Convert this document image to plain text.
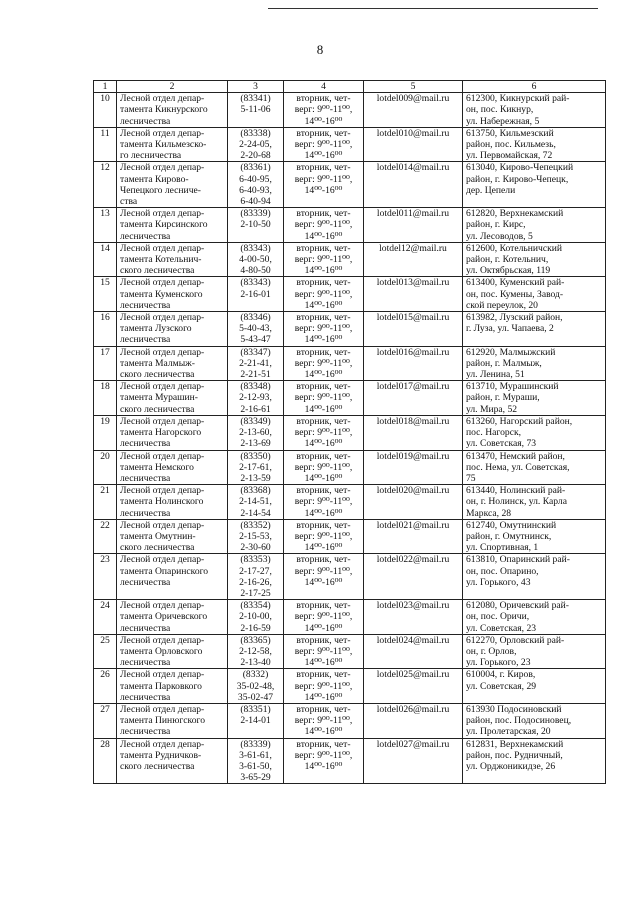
8
1	2	3	4	5	6
10	Лесной отдел депар-
тамента Кикнурского
лесничества	(83341)
5-11-06	вторник, чет-
верг: 9⁰⁰-11⁰⁰,
14⁰⁰-16⁰⁰	lotdel009@mail.ru	612300, Кикнурский рай-
он, пос. Кикнур,
ул. Набережная, 5

11	Лесной отдел депар-
тамента Кильмезско-
го лесничества	(83338)
2-24-05,
2-20-68	вторник, чет-
верг: 9⁰⁰-11⁰⁰,
14⁰⁰-16⁰⁰	lotdel010@mail.ru	613750, Кильмезский
район, пос. Кильмезь,
ул. Первомайская, 72

12	Лесной отдел депар-
тамента Кирово-
Чепецкого лесниче-
ства	(83361)
6-40-95,
6-40-93,
6-40-94	вторник, чет-
верг: 9⁰⁰-11⁰⁰,
14⁰⁰-16⁰⁰	lotdel014@mail.ru	613040, Кирово-Чепецкий
район, г. Кирово-Чепецк,
дер. Цепели

13	Лесной отдел депар-
тамента Кирсинского
лесничества	(83339)
2-10-50	вторник, чет-
верг: 9⁰⁰-11⁰⁰,
14⁰⁰-16⁰⁰	lotdel011@mail.ru	612820, Верхнекамский
район, г. Кирс,
ул. Лесоводов, 5

14	Лесной отдел депар-
тамента Котельнич-
ского лесничества	(83343)
4-00-50,
4-80-50	вторник, чет-
верг: 9⁰⁰-11⁰⁰,
14⁰⁰-16⁰⁰	lotdel12@mail.ru	612600, Котельничский
район, г. Котельнич,
ул. Октябрьская, 119

15	Лесной отдел депар-
тамента Куменского
лесничества	(83343)
2-16-01	вторник, чет-
верг: 9⁰⁰-11⁰⁰,
14⁰⁰-16⁰⁰	lotdel013@mail.ru	613400, Куменский рай-
он, пос. Кумены, Завод-
ской переулок, 20

16	Лесной отдел депар-
тамента Лузского
лесничества	(83346)
5-40-43,
5-43-47	вторник, чет-
верг: 9⁰⁰-11⁰⁰,
14⁰⁰-16⁰⁰	lotdel015@mail.ru	613982, Лузский район,
г. Луза, ул. Чапаева, 2

17	Лесной отдел депар-
тамента Малмыж-
ского лесничества	(83347)
2-21-41,
2-21-51	вторник, чет-
верг: 9⁰⁰-11⁰⁰,
14⁰⁰-16⁰⁰	lotdel016@mail.ru	612920, Малмыжский
район, г. Малмыж,
ул. Ленина, 51

18	Лесной отдел депар-
тамента Мурашин-
ского лесничества	(83348)
2-12-93,
2-16-61	вторник, чет-
верг: 9⁰⁰-11⁰⁰,
14⁰⁰-16⁰⁰	lotdel017@mail.ru	613710, Мурашинский
район, г. Мураши,
ул. Мира, 52

19	Лесной отдел депар-
тамента Нагорского
лесничества	(83349)
2-13-60,
2-13-69	вторник, чет-
верг: 9⁰⁰-11⁰⁰,
14⁰⁰-16⁰⁰	lotdel018@mail.ru	613260, Нагорский район,
пос. Нагорск,
ул. Советская, 73

20	Лесной отдел депар-
тамента Немского
лесничества	(83350)
2-17-61,
2-13-59	вторник, чет-
верг: 9⁰⁰-11⁰⁰,
14⁰⁰-16⁰⁰	lotdel019@mail.ru	613470, Немский район,
пос. Нема, ул. Советская,
75

21	Лесной отдел депар-
тамента Нолинского
лесничества	(83368)
2-14-51,
2-14-54	вторник, чет-
верг: 9⁰⁰-11⁰⁰,
14⁰⁰-16⁰⁰	lotdel020@mail.ru	613440, Нолинский рай-
он, г. Нолинск, ул. Карла
Маркса, 28

22	Лесной отдел депар-
тамента Омутнин-
ского лесничества	(83352)
2-15-53,
2-30-60	вторник, чет-
верг: 9⁰⁰-11⁰⁰,
14⁰⁰-16⁰⁰	lotdel021@mail.ru	612740, Омутнинский
район, г. Омутнинск,
ул. Спортивная, 1

23	Лесной отдел депар-
тамента Опаринского
лесничества	(83353)
2-17-27,
2-16-26,
2-17-25	вторник, чет-
верг: 9⁰⁰-11⁰⁰,
14⁰⁰-16⁰⁰	lotdel022@mail.ru	613810, Опаринский рай-
он, пос. Опарино,
ул. Горького, 43

24	Лесной отдел депар-
тамента Оричевского
лесничества	(83354)
2-10-00,
2-16-59	вторник, чет-
верг: 9⁰⁰-11⁰⁰,
14⁰⁰-16⁰⁰	lotdel023@mail.ru	612080, Оричевский рай-
он, пос. Оричи,
ул. Советская, 23

25	Лесной отдел депар-
тамента Орловского
лесничества	(83365)
2-12-58,
2-13-40	вторник, чет-
верг: 9⁰⁰-11⁰⁰,
14⁰⁰-16⁰⁰	lotdel024@mail.ru	612270, Орловский рай-
он, г. Орлов,
ул. Горького, 23

26	Лесной отдел депар-
тамента Парковкого
лесничества	(8332)
35-02-48,
35-02-47	вторник, чет-
верг: 9⁰⁰-11⁰⁰,
14⁰⁰-16⁰⁰	lotdel025@mail.ru	610004, г. Киров,
ул. Советская, 29

27	Лесной отдел депар-
тамента Пинюгского
лесничества	(83351)
2-14-01	вторник, чет-
верг: 9⁰⁰-11⁰⁰,
14⁰⁰-16⁰⁰	lotdel026@mail.ru	613930 Подосиновский
район, пос. Подосиновец,
ул. Пролетарская, 20

28	Лесной отдел депар-
тамента Рудничков-
ского лесничества	(83339)
3-61-61,
3-61-50,
3-65-29	вторник, чет-
верг: 9⁰⁰-11⁰⁰,
14⁰⁰-16⁰⁰	lotdel027@mail.ru	612831, Верхнекамский
район, пос. Рудничный,
ул. Орджоникидзе, 26
